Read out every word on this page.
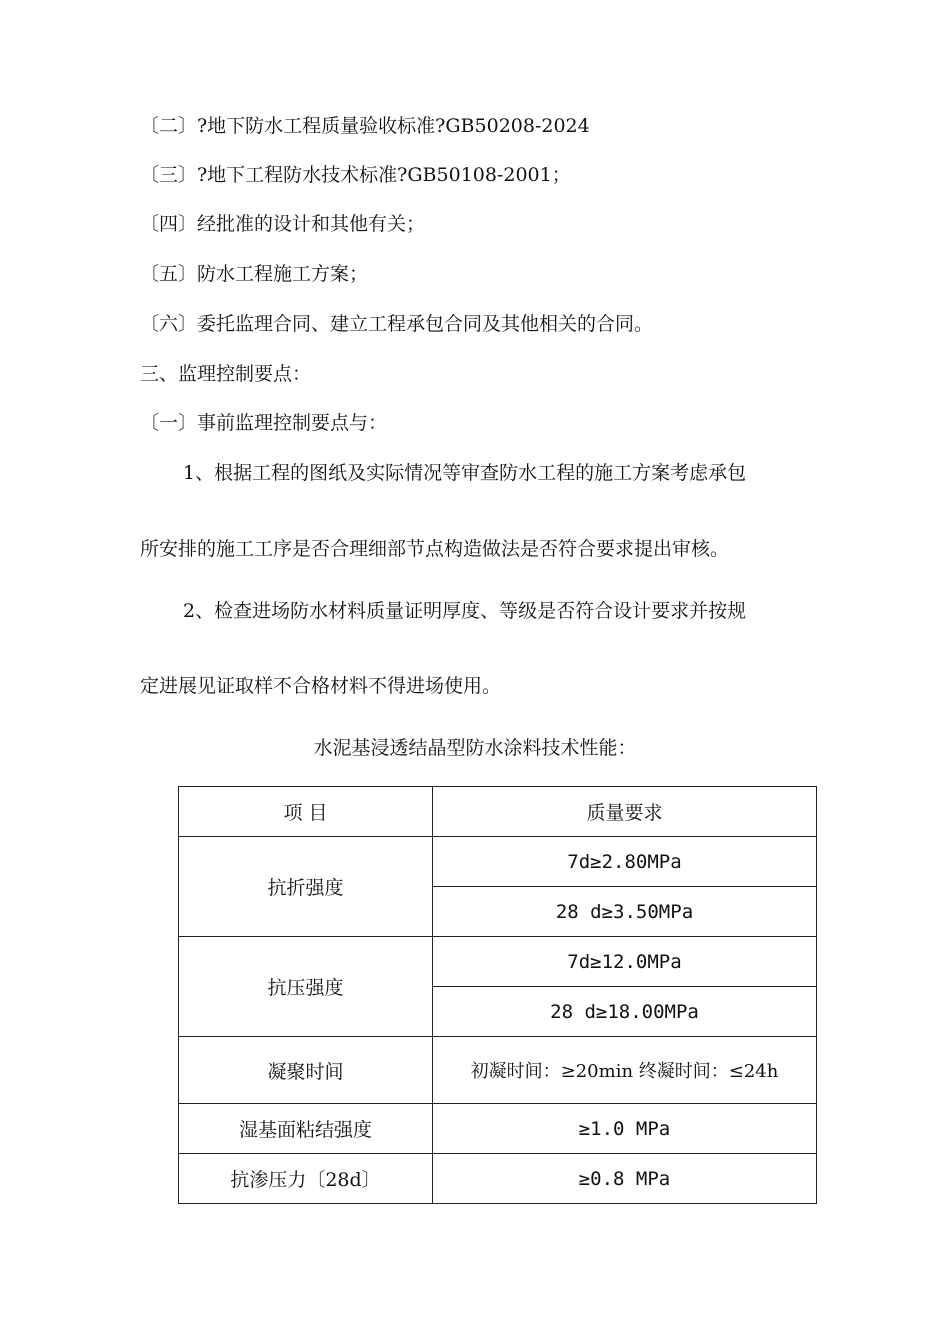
〔二〕?地下防水工程质量验收标准?GB50208-2024
〔三〕?地下工程防水技术标准?GB50108-2001；
〔四〕经批准的设计和其他有关；
〔五〕防水工程施工方案；
〔六〕委托监理合同、建立工程承包合同及其他相关的合同。
三、监理控制要点：
〔一〕事前监理控制要点与：
1、根据工程的图纸及实际情况等审查防水工程的施工方案考虑承包
所安排的施工工序是否合理细部节点构造做法是否符合要求提出审核。
2、检查进场防水材料质量证明厚度、等级是否符合设计要求并按规
定进展见证取样不合格材料不得进场使用。
水泥基浸透结晶型防水涂料技术性能：
项 目	质量要求
抗折强度	7d≥2.80MPa
	28 d≥3.50MPa
抗压强度	7d≥12.0MPa
	28 d≥18.00MPa
凝聚时间	初凝时间：≥20min 终凝时间：≤24h
湿基面粘结强度	≥1.0 MPa
抗渗压力〔28d〕	≥0.8 MPa
